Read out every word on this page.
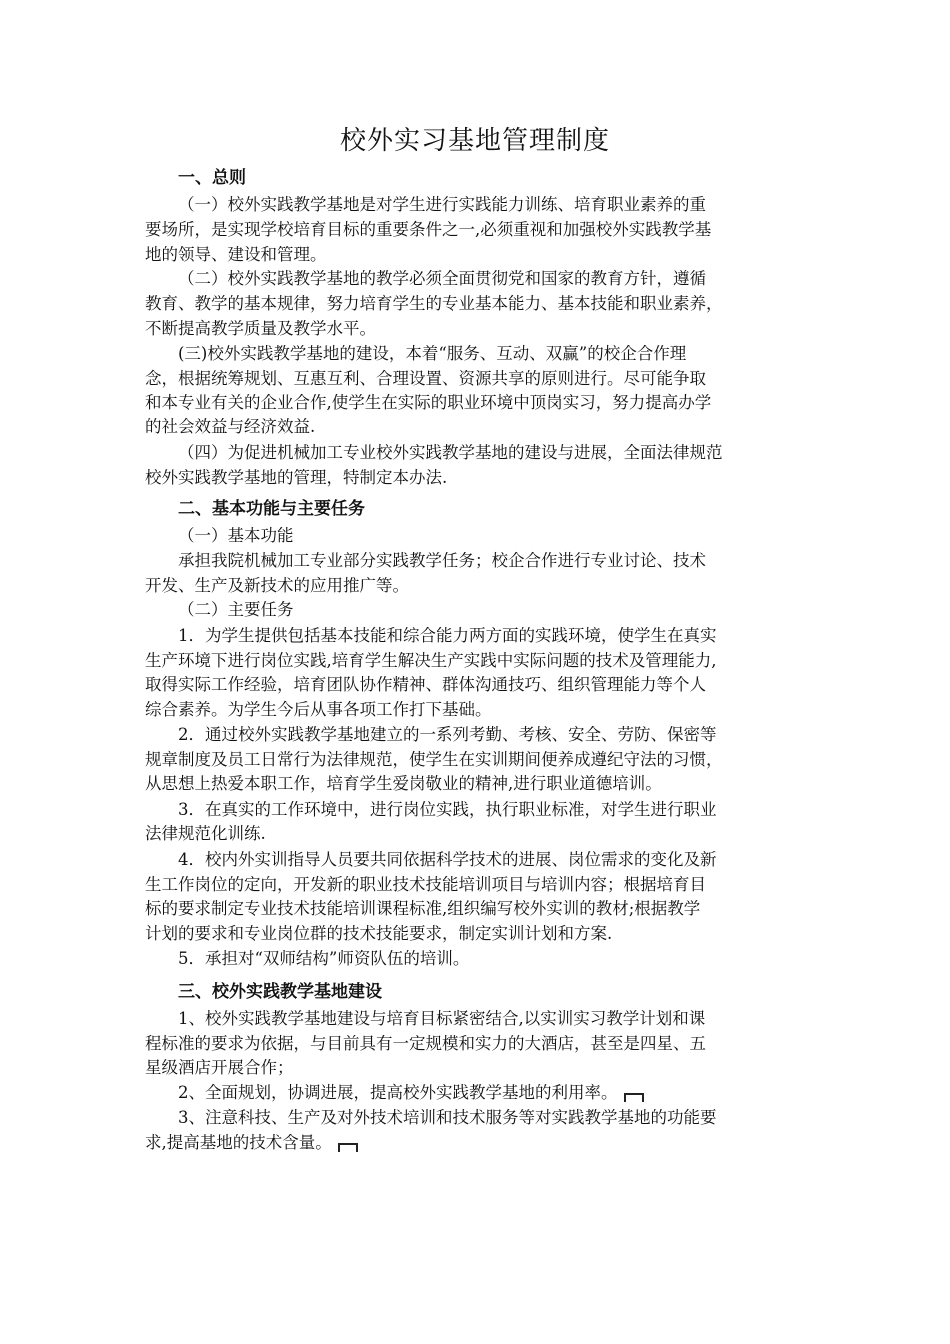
校外实习基地管理制度
一、总则
（一）校外实践教学基地是对学生进行实践能力训练、培育职业素养的重
要场所，是实现学校培育目标的重要条件之一,必须重视和加强校外实践教学基
地的领导、建设和管理。
（二）校外实践教学基地的教学必须全面贯彻党和国家的教育方针，遵循
教育、教学的基本规律，努力培育学生的专业基本能力、基本技能和职业素养，
不断提高教学质量及教学水平。
(三)校外实践教学基地的建设，本着“服务、互动、双赢”的校企合作理
念，根据统筹规划、互惠互利、合理设置、资源共享的原则进行。尽可能争取
和本专业有关的企业合作,使学生在实际的职业环境中顶岗实习，努力提高办学
的社会效益与经济效益.
（四）为促进机械加工专业校外实践教学基地的建设与进展，全面法律规范
校外实践教学基地的管理，特制定本办法.
二、基本功能与主要任务
（一）基本功能
承担我院机械加工专业部分实践教学任务；校企合作进行专业讨论、技术
开发、生产及新技术的应用推广等。
（二）主要任务
1．为学生提供包括基本技能和综合能力两方面的实践环境，使学生在真实
生产环境下进行岗位实践,培育学生解决生产实践中实际问题的技术及管理能力,
取得实际工作经验，培育团队协作精神、群体沟通技巧、组织管理能力等个人
综合素养。为学生今后从事各项工作打下基础。
2．通过校外实践教学基地建立的一系列考勤、考核、安全、劳防、保密等
规章制度及员工日常行为法律规范，使学生在实训期间便养成遵纪守法的习惯，
从思想上热爱本职工作，培育学生爱岗敬业的精神,进行职业道德培训。
3．在真实的工作环境中，进行岗位实践，执行职业标准，对学生进行职业
法律规范化训练.
4．校内外实训指导人员要共同依据科学技术的进展、岗位需求的变化及新
生工作岗位的定向，开发新的职业技术技能培训项目与培训内容；根据培育目
标的要求制定专业技术技能培训课程标准,组织编写校外实训的教材;根据教学
计划的要求和专业岗位群的技术技能要求，制定实训计划和方案.
5．承担对“双师结构”师资队伍的培训。
三、校外实践教学基地建设
1、校外实践教学基地建设与培育目标紧密结合,以实训实习教学计划和课
程标准的要求为依据，与目前具有一定规模和实力的大酒店，甚至是四星、五
星级酒店开展合作；
2、全面规划，协调进展，提高校外实践教学基地的利用率。
3、注意科技、生产及对外技术培训和技术服务等对实践教学基地的功能要
求,提高基地的技术含量。
